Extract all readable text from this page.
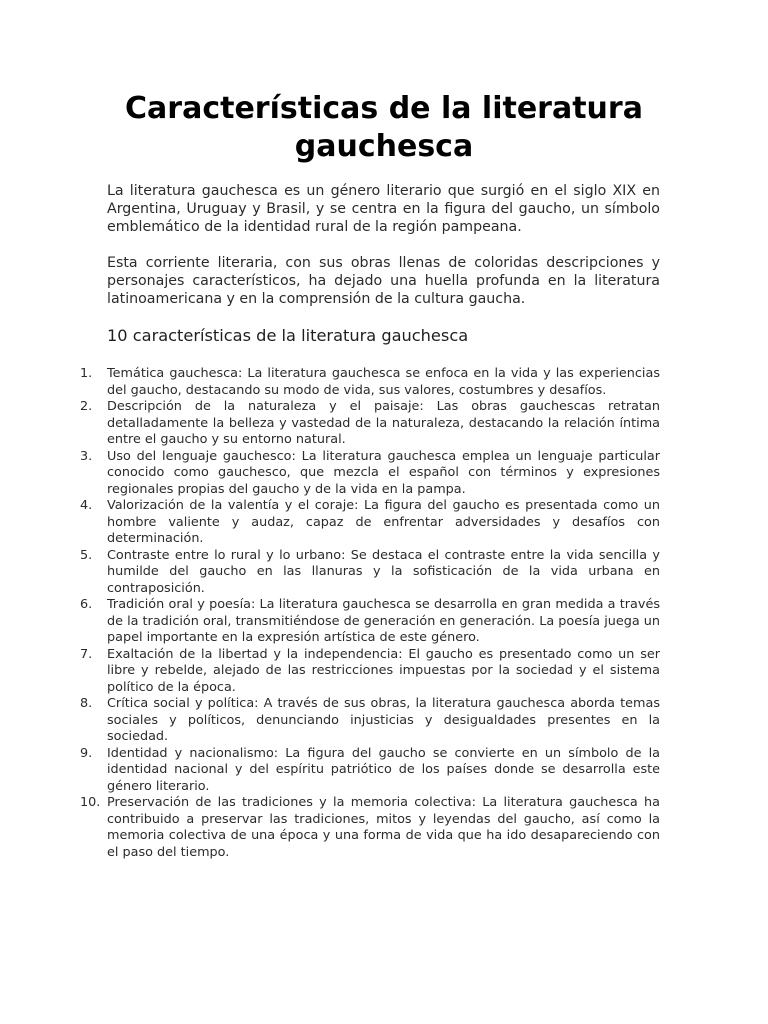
Características de la literatura gauchesca

La literatura gauchesca es un género literario que surgió en el siglo XIX en Argentina, Uruguay y Brasil, y se centra en la figura del gaucho, un símbolo emblemático de la identidad rural de la región pampeana.

Esta corriente literaria, con sus obras llenas de coloridas descripciones y personajes característicos, ha dejado una huella profunda en la literatura latinoamericana y en la comprensión de la cultura gaucha.

10 características de la literatura gauchesca
1.	Temática gauchesca: La literatura gauchesca se enfoca en la vida y las experiencias del gaucho, destacando su modo de vida, sus valores, costumbres y desafíos.
2.	Descripción de la naturaleza y el paisaje: Las obras gauchescas retratan detalladamente la belleza y vastedad de la naturaleza, destacando la relación íntima entre el gaucho y su entorno natural.
3.	Uso del lenguaje gauchesco: La literatura gauchesca emplea un lenguaje particular conocido como gauchesco, que mezcla el español con términos y expresiones regionales propias del gaucho y de la vida en la pampa.
4.	Valorización de la valentía y el coraje: La figura del gaucho es presentada como un hombre valiente y audaz, capaz de enfrentar adversidades y desafíos con determinación.
5.	Contraste entre lo rural y lo urbano: Se destaca el contraste entre la vida sencilla y humilde del gaucho en las llanuras y la sofisticación de la vida urbana en contraposición.
6.	Tradición oral y poesía: La literatura gauchesca se desarrolla en gran medida a través de la tradición oral, transmitiéndose de generación en generación. La poesía juega un papel importante en la expresión artística de este género.
7.	Exaltación de la libertad y la independencia: El gaucho es presentado como un ser libre y rebelde, alejado de las restricciones impuestas por la sociedad y el sistema político de la época.
8.	Crítica social y política: A través de sus obras, la literatura gauchesca aborda temas sociales y políticos, denunciando injusticias y desigualdades presentes en la sociedad.
9.	Identidad y nacionalismo: La figura del gaucho se convierte en un símbolo de la identidad nacional y del espíritu patriótico de los países donde se desarrolla este género literario.
10. Preservación de las tradiciones y la memoria colectiva: La literatura gauchesca ha contribuido a preservar las tradiciones, mitos y leyendas del gaucho, así como la memoria colectiva de una época y una forma de vida que ha ido desapareciendo con el paso del tiempo.
